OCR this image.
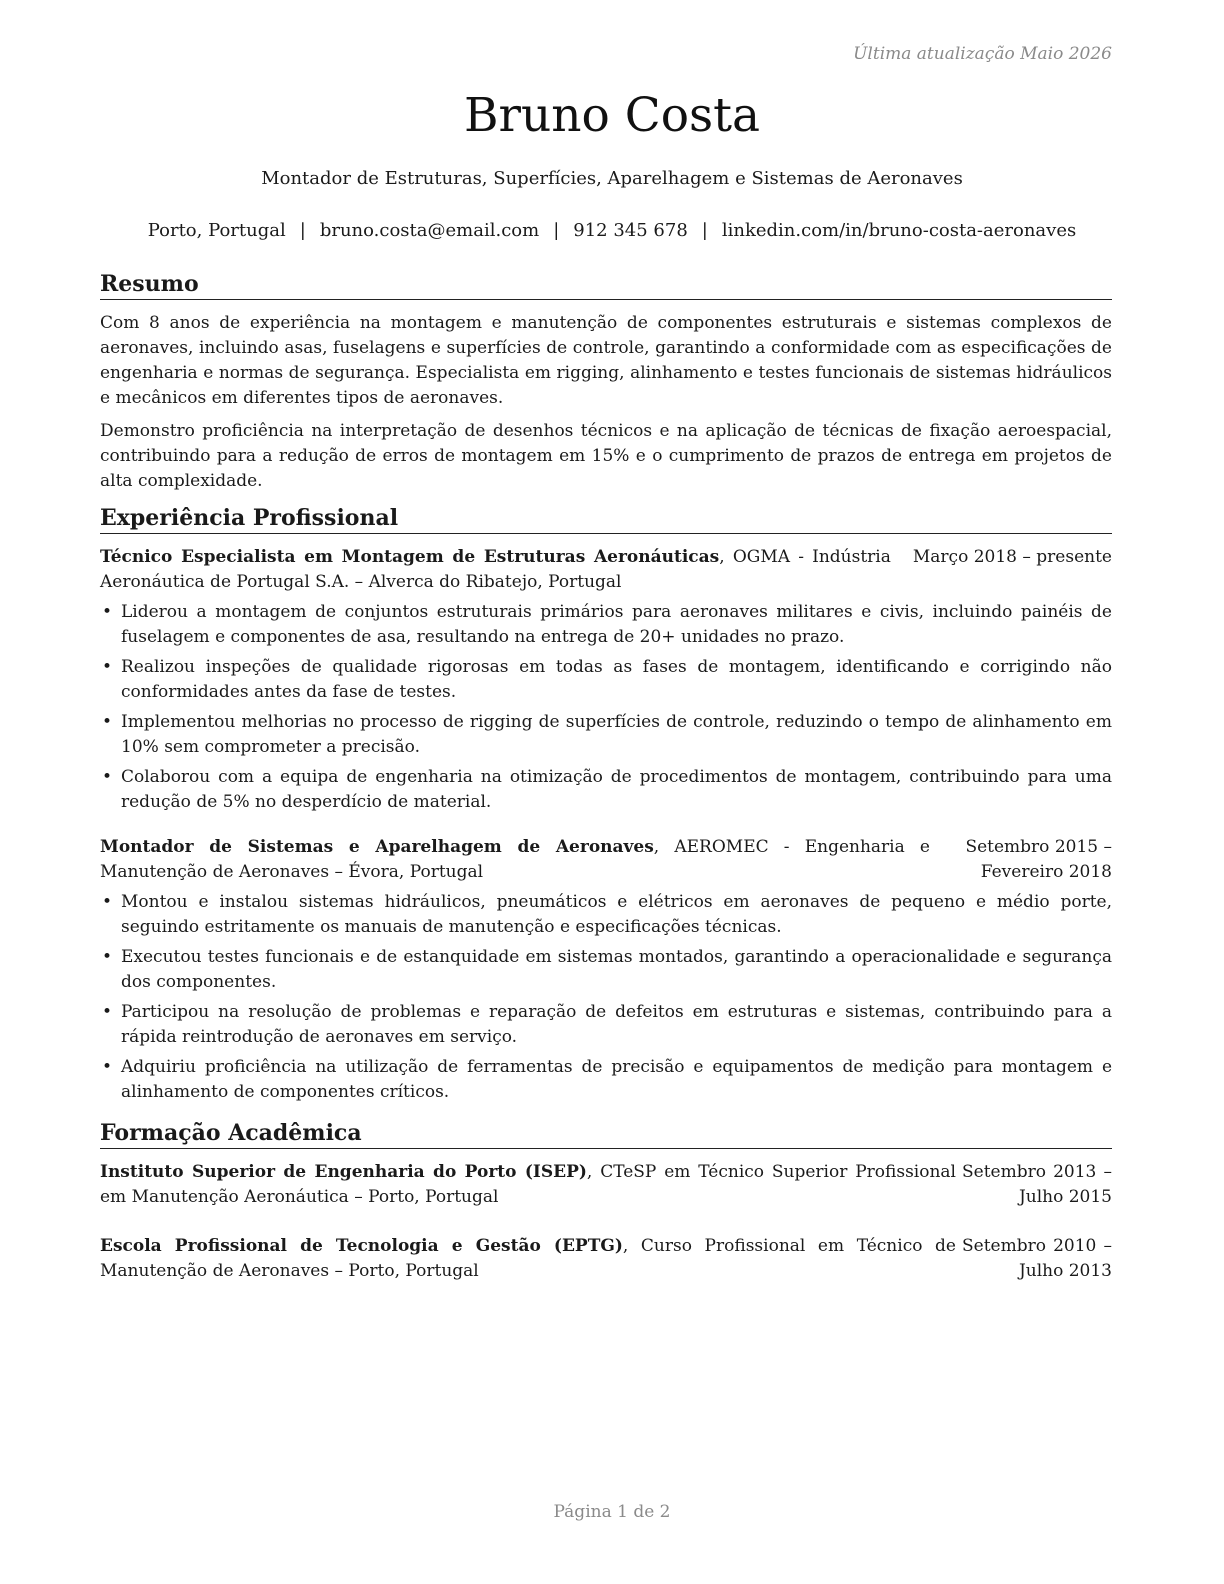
Última atualização Maio 2026
Bruno Costa
Montador de Estruturas, Superfícies, Aparelhagem e Sistemas de Aeronaves
Porto, Portugal | bruno.costa@email.com | 912 345 678 | linkedin.com/in/bruno-costa-aeronaves
Resumo

Com 8 anos de experiência na montagem e manutenção de componentes estruturais e sistemas complexos de aeronaves, incluindo asas, fuselagens e superfícies de controle, garantindo a conformidade com as especificações de engenharia e normas de segurança. Especialista em rigging, alinhamento e testes funcionais de sistemas hidráulicos e mecânicos em diferentes tipos de aeronaves.

Demonstro proficiência na interpretação de desenhos técnicos e na aplicação de técnicas de fixação aeroespacial, contribuindo para a redução de erros de montagem em 15% e o cumprimento de prazos de entrega em projetos de alta complexidade.

Experiência Profissional
Técnico Especialista em Montagem de Estruturas Aeronáuticas, OGMA - Indústria Aeronáutica de Portugal S.A. – Alverca do Ribatejo, Portugal
Março 2018 – presente
• Liderou a montagem de conjuntos estruturais primários para aeronaves militares e civis, incluindo painéis de fuselagem e componentes de asa, resultando na entrega de 20+ unidades no prazo.
• Realizou inspeções de qualidade rigorosas em todas as fases de montagem, identificando e corrigindo não conformidades antes da fase de testes.
• Implementou melhorias no processo de rigging de superfícies de controle, reduzindo o tempo de alinhamento em 10% sem comprometer a precisão.
• Colaborou com a equipa de engenharia na otimização de procedimentos de montagem, contribuindo para uma redução de 5% no desperdício de material.
Montador de Sistemas e Aparelhagem de Aeronaves, AEROMEC - Engenharia e Manutenção de Aeronaves – Évora, Portugal
Setembro 2015 – Fevereiro 2018
• Montou e instalou sistemas hidráulicos, pneumáticos e elétricos em aeronaves de pequeno e médio porte, seguindo estritamente os manuais de manutenção e especificações técnicas.
• Executou testes funcionais e de estanquidade em sistemas montados, garantindo a operacionalidade e segurança dos componentes.
• Participou na resolução de problemas e reparação de defeitos em estruturas e sistemas, contribuindo para a rápida reintrodução de aeronaves em serviço.
• Adquiriu proficiência na utilização de ferramentas de precisão e equipamentos de medição para montagem e alinhamento de componentes críticos.
Formação Acadêmica
Instituto Superior de Engenharia do Porto (ISEP), CTeSP em Técnico Superior Profissional em Manutenção Aeronáutica – Porto, Portugal
Setembro 2013 – Julho 2015
Escola Profissional de Tecnologia e Gestão (EPTG), Curso Profissional em Técnico de Manutenção de Aeronaves – Porto, Portugal
Setembro 2010 – Julho 2013
Página 1 de 2
